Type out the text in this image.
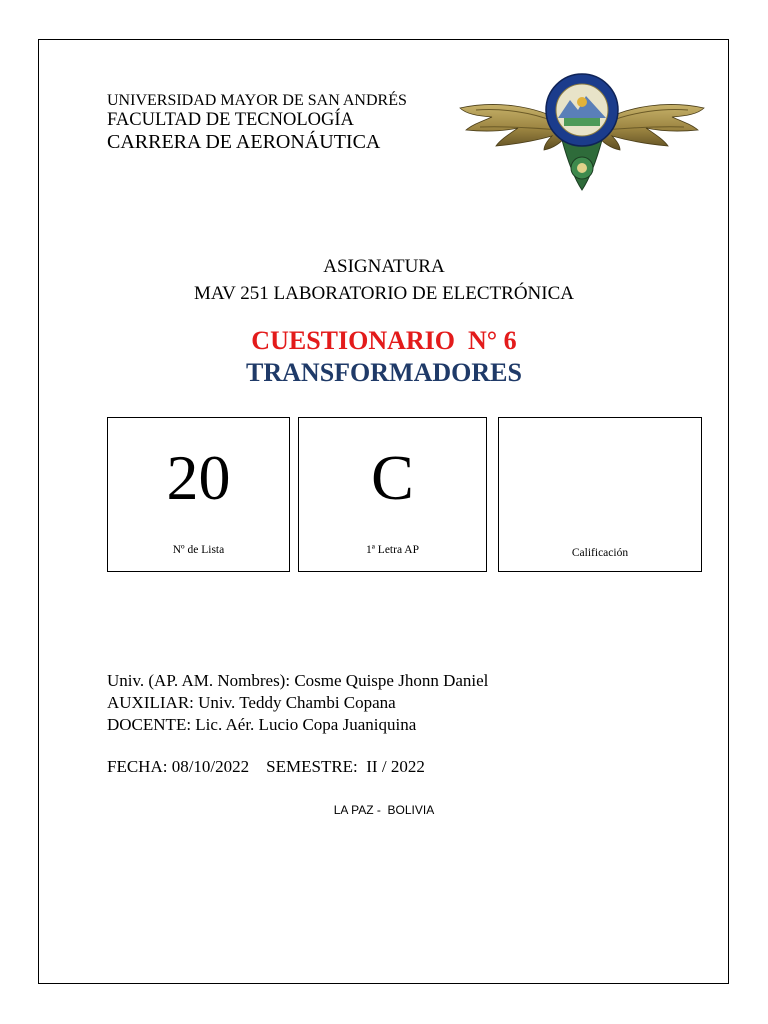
UNIVERSIDAD MAYOR DE SAN ANDRÉS
FACULTAD DE TECNOLOGÍA
CARRERA DE AERONÁUTICA
ASIGNATURA
MAV 251 LABORATORIO DE ELECTRÓNICA
CUESTIONARIO  N° 6
TRANSFORMADORES
20
Nº de Lista
C
1ª Letra AP	Calificación
Univ. (AP. AM. Nombres): Cosme Quispe Jhonn Daniel
AUXILIAR: Univ. Teddy Chambi Copana
DOCENTE: Lic. Aér. Lucio Copa Juaniquina
FECHA: 08/10/2022    SEMESTRE:  II / 2022
LA PAZ -  BOLIVIA
